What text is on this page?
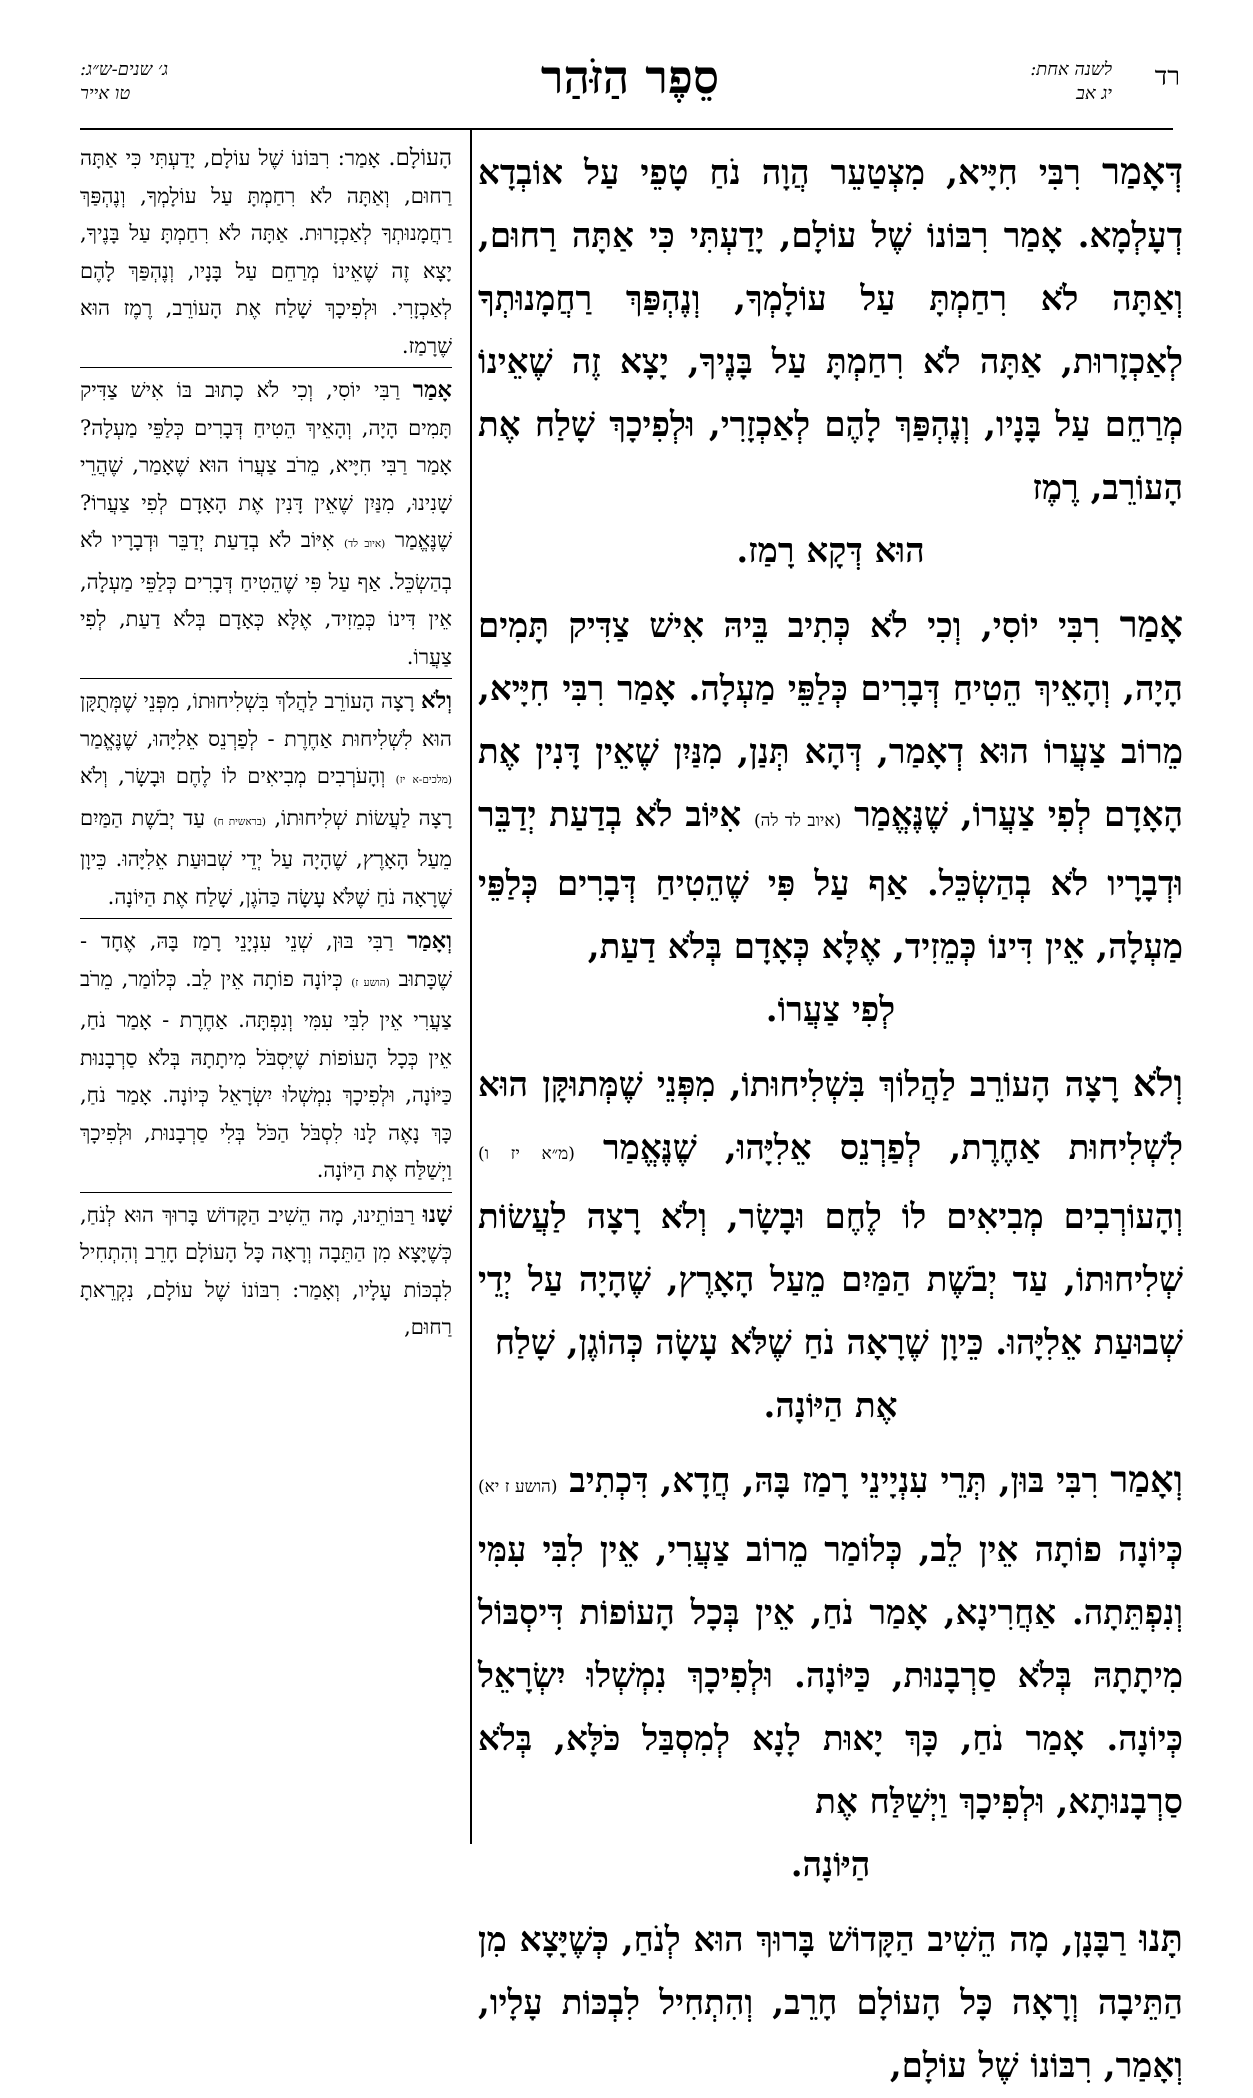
רד
לשנה אחת:
יג אב
סֵפֶר הַזֹּהַר
ג׳ שנים-ש״ג:
טו אייר

דְּאָמַר רִבִּי חִיָּיא, מִצְטַעֵר הֲוָה נֹחַ טָפֵי עַל אוֹבְדָא דְעָלְמָא. אָמַר רִבּוֹנוֹ שֶׁל עוֹלָם, יָדַעְתִּי כִּי אַתָּה רַחוּם, וְאַתָּה לֹא רִחַמְתָּ עַל עוֹלָמְךָ, וְנֶהְפַּךְ רַחֲמָנוּתְךָ לְאַכְזָרוּת, אַתָּה לֹא רִחַמְתָּ עַל בָּנֶיךָ, יָצָא זֶה שֶׁאֵינוֹ מְרַחֵם עַל בָּנָיו, וְנֶהְפַּךְ לָהֶם לְאַכְזָרִי, וּלְפִיכָךְ שָׁלַח אֶת הָעוֹרֵב, רֶמֶז
הוּא דְּקָא רָמַז.

אָמַר רִבִּי יוֹסִי, וְכִי לֹא כְּתִיב בֵּיהּ אִישׁ צַדִּיק תָּמִים הָיָה, וְהָאֵיךְ הֵטִיחַ דְּבָרִים כְּלַפֵּי מַעְלָה. אָמַר רִבִּי חִיָּיא, מֵרוֹב צַעֲרוֹ הוּא דְאָמַר, דְּהָא תְּנַן, מִנַּיִן שֶׁאֵין דָּנִין אֶת הָאָדָם לְפִי צַעֲרוֹ, שֶׁנֶּאֱמַר (איוב לד לה) אִיּוֹב לֹא בְדַעַת יְדַבֵּר וּדְבָרָיו לֹא בְהַשְׂכֵּל. אַף עַל פִּי שֶׁהֵטִיחַ דְּבָרִים כְּלַפֵּי מַעְלָה, אֵין דִּינוֹ כְּמֵזִיד, אֶלָּא כְּאָדָם בְּלֹא דַעַת,
לְפִי צַעֲרוֹ.

וְלֹא רָצָה הָעוֹרֵב לַהֲלוֹךְ בִּשְׁלִיחוּתוֹ, מִפְּנֵי שֶׁמְּתוּקָּן הוּא לִשְׁלִיחוּת אַחֶרֶת, לְפַרְנֵס אֵלִיָּהוּ, שֶׁנֶּאֱמַר (מ״א יז ו) וְהָעוֹרְבִים מְבִיאִים לוֹ לֶחֶם וּבָשָׂר, וְלֹא רָצָה לַעֲשׂוֹת שְׁלִיחוּתוֹ, עַד יְבֹשֶׁת הַמַּיִם מֵעַל הָאָרֶץ, שֶׁהָיָה עַל יְדֵי שְׁבוּעַת אֵלִיָּהוּ. כֵּיוָן שֶׁרָאָה נֹחַ שֶׁלֹּא עָשָׂה כְּהוֹגֶן, שָׁלַח
אֶת הַיּוֹנָה.

וְאָמַר רִבִּי בּוּן, תְּרֵי עִנְיָינֵי רָמַז בָּהּ, חֲדָא, דִּכְתִיב (הושע ז יא) כְּיוֹנָה פוֹתָה אֵין לֵב, כְּלוֹמַר מֵרוֹב צַעֲרִי, אֵין לִבִּי עִמִּי וְנִפְתֵּתָה. אַחֲרִינָא, אָמַר נֹחַ, אֵין בְּכָל הָעוֹפוֹת דִּיסְבּוֹל מִיתָתָהּ בְּלֹא סַרְבָנוּת, כַּיּוֹנָה. וּלְפִיכָךְ נִמְשְׁלוּ יִשְׂרָאֵל כְּיוֹנָה. אָמַר נֹחַ, כָּךְ יָאוּת לָנָא לְמִסְבַּל כֹּלָּא, בְּלֹא סַרְבָנוּתָא, וּלְפִיכָךְ וַיְשַׁלַּח אֶת
הַיּוֹנָה.

תָּנוּ רַבָּנָן, מָה הֵשִׁיב הַקָּדוֹשׁ בָּרוּךְ הוּא לְנֹחַ, כְּשֶׁיָּצָא מִן הַתֵּיבָה וְרָאָה כָּל הָעוֹלָם חָרֵב, וְהִתְחִיל לִבְכּוֹת עָלָיו, וְאָמַר, רִבּוֹנוֹ שֶׁל עוֹלָם,

הָעוֹלָם. אָמַר: רִבּוֹנוֹ שֶׁל עוֹלָם, יָדַעְתִּי כִּי אַתָּה רַחוּם, וְאַתָּה לֹא רִחַמְתָּ עַל עוֹלָמְךָ, וְנֶהְפַּךְ רַחֲמָנוּתְךָ לְאַכְזָרוּת. אַתָּה לֹא רִחַמְתָּ עַל בָּנֶיךָ, יָצָא זֶה שֶׁאֵינוֹ מְרַחֵם עַל בָּנָיו, וְנֶהְפַּךְ לָהֶם לְאַכְזָרִי. וּלְפִיכָךְ שָׁלַח אֶת הָעוֹרֵב, רֶמֶז הוּא שֶׁרָמַז.

אָמַר רַבִּי יוֹסִי, וְכִי לֹא כָתוּב בּוֹ אִישׁ צַדִּיק תָּמִים הָיָה, וְהָאֵיךְ הֵטִיחַ דְּבָרִים כְּלַפֵּי מַעְלָה? אָמַר רַבִּי חִיָּיא, מֵרֹב צַעֲרוֹ הוּא שֶׁאָמַר, שֶׁהֲרֵי שָׁנִינוּ, מִנַּיִן שֶׁאֵין דָּנִין אֶת הָאָדָם לְפִי צַעֲרוֹ? שֶׁנֶּאֱמַר (איוב לד) אִיּוֹב לֹא בְדַעַת יְדַבֵּר וּדְבָרָיו לֹא בְהַשְׂכֵּל. אַף עַל פִּי שֶׁהֵטִיחַ דְּבָרִים כְּלַפֵּי מַעְלָה, אֵין דִּינוֹ כְּמֵזִיד, אֶלָּא כְּאָדָם בְּלֹא דַעַת, לְפִי צַעֲרוֹ.

וְלֹא רָצָה הָעוֹרֵב לַהֲלֹךְ בִּשְׁלִיחוּתוֹ, מִפְּנֵי שֶׁמְּתֻקָּן הוּא לִשְׁלִיחוּת אַחֶרֶת - לְפַרְנֵס אֵלִיָּהוּ, שֶׁנֶּאֱמַר (מלכים-א יז) וְהָעֹרְבִים מְבִיאִים לוֹ לֶחֶם וּבָשָׂר, וְלֹא רָצָה לַעֲשׂוֹת שְׁלִיחוּתוֹ, (בראשית ח) עַד יְבֹשֶׁת הַמַּיִם מֵעַל הָאָרֶץ, שֶׁהָיָה עַל יְדֵי שְׁבוּעַת אֵלִיָּהוּ. כֵּיוָן שֶׁרָאָה נֹחַ שֶׁלֹּא עָשָׂה כַּהֹגֶן, שָׁלַח אֶת הַיּוֹנָה.

וְאָמַר רַבִּי בּוּן, שְׁנֵי עִנְיָנֵי רָמַז בָּהּ, אֶחָד - שֶׁכָּתוּב (הושע ז) כְּיוֹנָה פוֹתָה אֵין לֵב. כְּלוֹמַר, מֵרֹב צַעֲרִי אֵין לִבִּי עִמִּי וְנִפְתָּה. אַחֶרֶת - אָמַר נֹחַ, אֵין כְּכָל הָעוֹפוֹת שֶׁיִּסְבֹּל מִיתָתָהּ בְּלֹא סַרְבָנוּת כַּיּוֹנָה, וּלְפִיכָךְ נִמְשְׁלוּ יִשְׂרָאֵל כְּיוֹנָה. אָמַר נֹחַ, כָּךְ נָאֶה לָנוּ לִסְבֹּל הַכֹּל בְּלִי סַרְבָנוּת, וּלְפִיכָךְ וַיְשַׁלַּח אֶת הַיּוֹנָה.

שָׁנוּ רַבּוֹתֵינוּ, מָה הֵשִׁיב הַקָּדוֹשׁ בָּרוּךְ הוּא לְנֹחַ, כְּשֶׁיָּצָא מִן הַתֵּבָה וְרָאָה כָּל הָעוֹלָם חָרֵב וְהִתְחִיל לִבְכּוֹת עָלָיו, וְאָמַר: רִבּוֹנוֹ שֶׁל עוֹלָם, נִקְרֵאתָ רַחוּם,
